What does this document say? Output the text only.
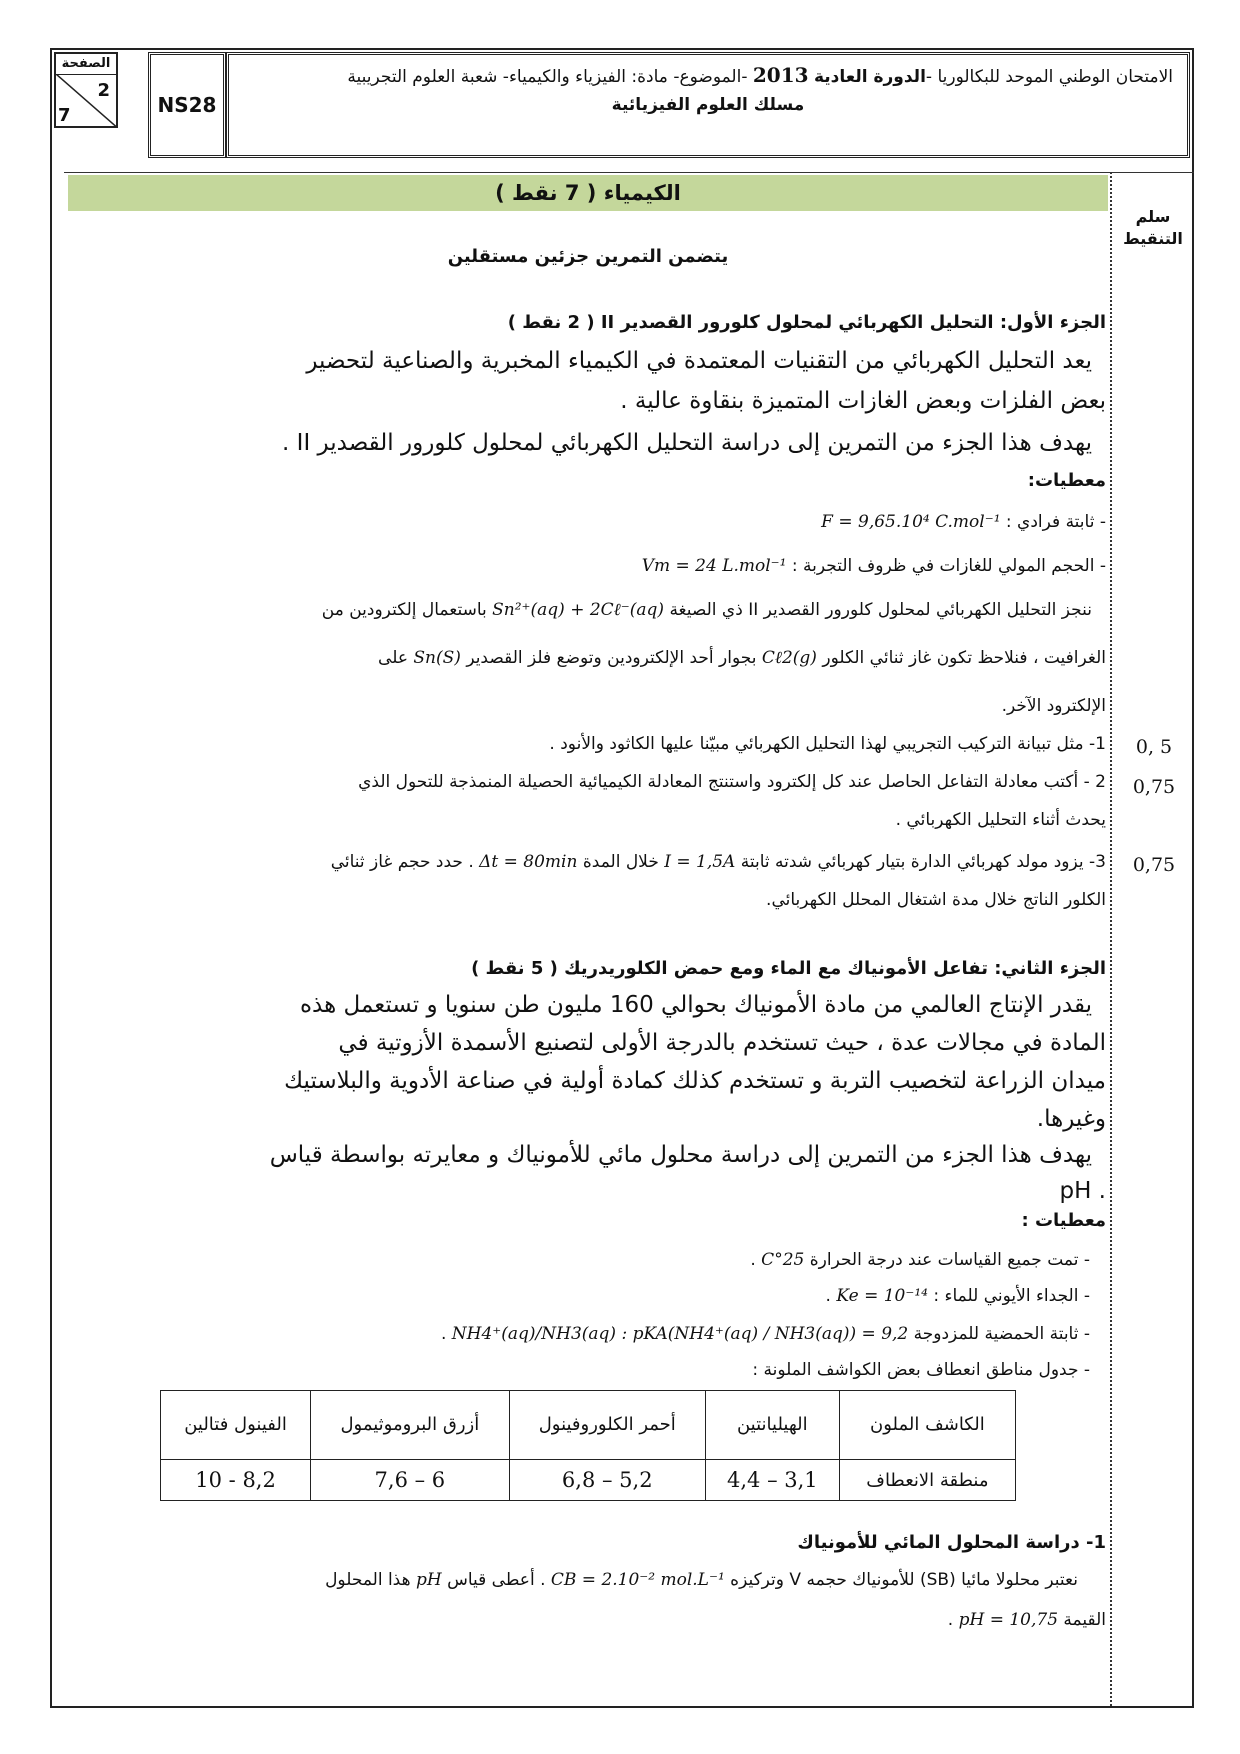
الامتحان الوطني الموحد للبكالوريا -الدورة العادية 2013 -الموضوع- مادة: الفيزياء والكيمياء- شعبة العلوم التجريبية
مسلك العلوم الفيزيائية
NS28
الصفحة
2
7
سلم
التنقيط
الكيمياء ( 7 نقط )
يتضمن التمرين جزئين مستقلين
الجزء الأول: التحليل الكهربائي لمحلول كلورور القصدير II ( 2 نقط )
يعد التحليل الكهربائي من التقنيات المعتمدة في الكيمياء المخبرية والصناعية لتحضير
بعض الفلزات وبعض الغازات المتميزة بنقاوة عالية .
يهدف هذا الجزء من التمرين إلى دراسة التحليل الكهربائي لمحلول كلورور القصدير II .
معطيات:
- ثابتة فرادي : F = 9,65.10⁴ C.mol⁻¹
- الحجم المولي للغازات في ظروف التجربة : Vm = 24 L.mol⁻¹
ننجز التحليل الكهربائي لمحلول كلورور القصدير II ذي الصيغة Sn²⁺(aq) + 2Cℓ⁻(aq) باستعمال إلكترودين من
الغرافيت ، فنلاحظ تكون غاز ثنائي الكلور Cℓ2(g) بجوار أحد الإلكترودين وتوضع فلز القصدير Sn(S) على
الإلكترود الآخر.
1- مثل تبيانة التركيب التجريبي لهذا التحليل الكهربائي مبيّنا عليها الكاثود والأنود .	0, 5
2 - أكتب معادلة التفاعل الحاصل عند كل إلكترود واستنتج المعادلة الكيميائية الحصيلة المنمذجة للتحول الذي	0,75
يحدث أثناء التحليل الكهربائي .
3- يزود مولد كهربائي الدارة بتيار كهربائي شدته ثابتة I = 1,5A خلال المدة Δt = 80min . حدد حجم غاز ثنائي	0,75
الكلور الناتج خلال مدة اشتغال المحلل الكهربائي.
الجزء الثاني: تفاعل الأمونياك مع الماء ومع حمض الكلوريدريك ( 5 نقط )
يقدر الإنتاج العالمي من مادة الأمونياك بحوالي 160 مليون طن سنويا و تستعمل هذه
المادة في مجالات عدة ، حيث تستخدم بالدرجة الأولى لتصنيع الأسمدة الأزوتية في
ميدان الزراعة لتخصيب التربة و تستخدم كذلك كمادة أولية في صناعة الأدوية والبلاستيك
وغيرها.
يهدف هذا الجزء من التمرين إلى دراسة محلول مائي للأمونياك و معايرته بواسطة قياس
. pH
معطيات :
- تمت جميع القياسات عند درجة الحرارة 25°C .
- الجداء الأيوني للماء : Ke = 10⁻¹⁴ .
- ثابتة الحمضية للمزدوجة NH4⁺(aq)/NH3(aq) : pKA(NH4⁺(aq) / NH3(aq)) = 9,2 .
- جدول مناطق انعطاف بعض الكواشف الملونة :
الكاشف الملون	الهيليانتين	أحمر الكلوروفينول	أزرق البروموثيمول	الفينول فتالين
منطقة الانعطاف	3,1 – 4,4	5,2 – 6,8	6 – 7,6	8,2 - 10
1- دراسة المحلول المائي للأمونياك
نعتبر محلولا مائيا (SB) للأمونياك حجمه V وتركيزه CB = 2.10⁻² mol.L⁻¹ . أعطى قياس pH هذا المحلول
القيمة pH = 10,75 .
